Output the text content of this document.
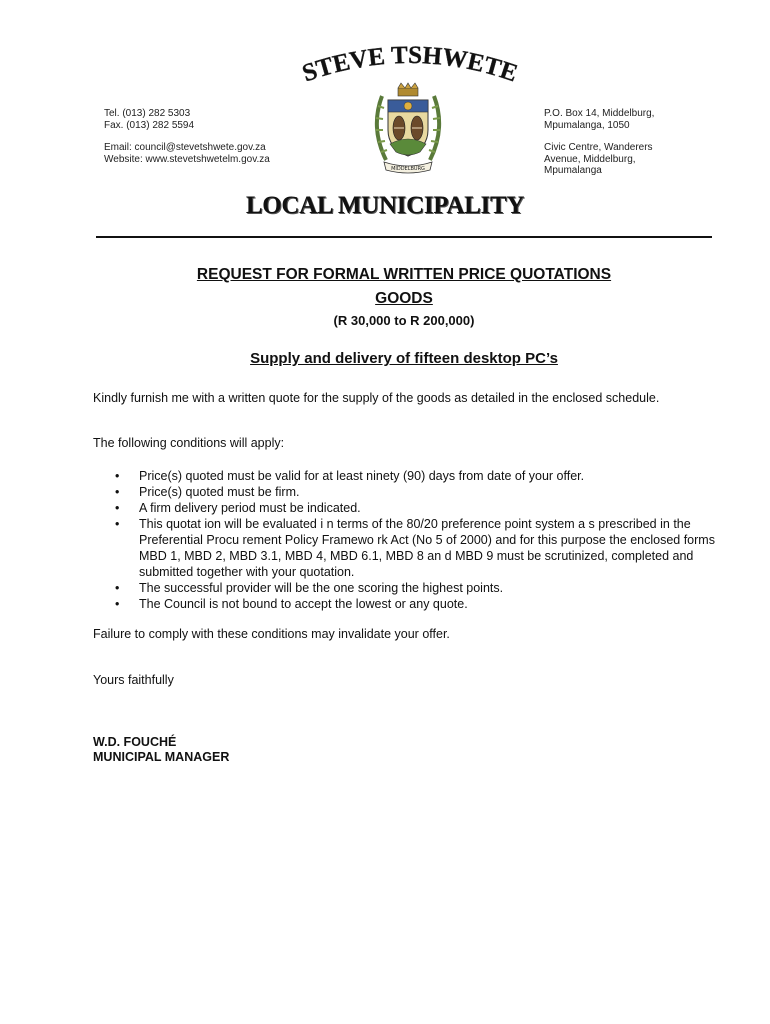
STEVE TSHWETE
Tel. (013) 282 5303
Fax. (013) 282 5594
Email: council@stevetshwete.gov.za
Website: www.stevetshwetelm.gov.za
P.O. Box 14, Middelburg,
Mpumalanga, 1050
Civic Centre, Wanderers
Avenue, Middelburg,
Mpumalanga
MIDDELBURG
LOCAL MUNICIPALITY
REQUEST FOR FORMAL WRITTEN PRICE QUOTATIONS
GOODS
(R 30,000 to R 200,000)
Supply and delivery of fifteen desktop PC’s
Kindly furnish me with a written quote for the supply of the goods as detailed in the enclosed schedule.
The following conditions will apply:
• Price(s) quoted must be valid for at least ninety (90) days from date of your offer.
• Price(s) quoted must be firm.
• A firm delivery period must be indicated.
• This quotat ion will be evaluated i n terms of the 80/20 preference point system a s prescribed in the Preferential Procu rement Policy Framewo rk Act (No 5 of 2000) and for this purpose the enclosed forms MBD 1, MBD 2, MBD 3.1, MBD 4, MBD 6.1, MBD 8 an d MBD 9 must be scrutinized, completed and submitted together with your quotation.
• The successful provider will be the one scoring the highest points.
• The Council is not bound to accept the lowest or any quote.
Failure to comply with these conditions may invalidate your offer.
Yours faithfully
W.D. FOUCHÉ
MUNICIPAL MANAGER
